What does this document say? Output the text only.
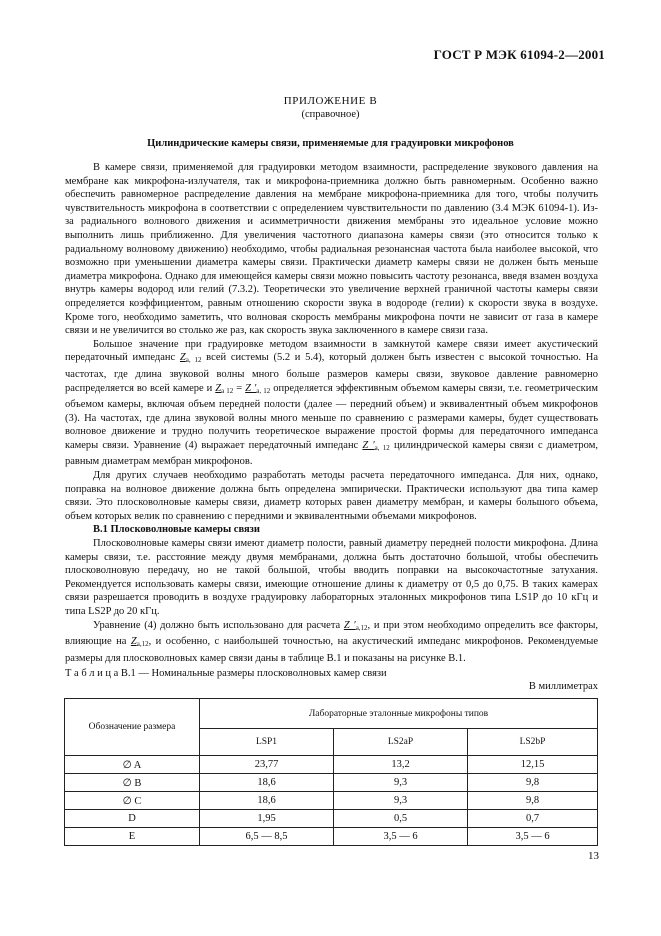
ГОСТ Р МЭК 61094-2—2001
ПРИЛОЖЕНИЕ В
(справочное)
Цилиндрические камеры связи, применяемые для градуировки микрофонов

В камере связи, применяемой для градуировки методом взаимности, распределение звукового давления на мембране как микрофона-излучателя, так и микрофона-приемника должно быть равномерным. Особенно важно обеспечить равномерное распределение давления на мембране микрофона-приемника для того, чтобы получить чувствительность микрофона в соответствии с определением чувствительности по давлению (3.4 МЭК 61094-1). Из-за радиального волнового движения и асимметричности движения мембраны это идеальное условие можно выполнить лишь приближенно. Для увеличения частотного диапазона камеры связи (это относится только к радиальному волновому движению) необходимо, чтобы радиальная резонансная частота была наиболее высокой, что возможно при уменьшении диаметра камеры связи. Практически диаметр камеры связи не должен быть меньше диаметра микрофона. Однако для имеющейся камеры связи можно повысить частоту резонанса, введя взамен воздуха внутрь камеры водород или гелий (7.3.2). Теоретически это увеличение верхней граничной частоты камеры связи определяется коэффициентом, равным отношению скорости звука в водороде (гелии) к скорости звука в воздухе. Кроме того, необходимо заметить, что волновая скорость мембраны микрофона почти не зависит от газа в камере связи и не увеличится во столько же раз, как скорость звука заключенного в камере связи газа.

Большое значение при градуировке методом взаимности в замкнутой камере связи имеет акустический передаточный импеданс $Z_{a, 12}$ всей системы (5.2 и 5.4), который должен быть известен с высокой точностью. На частотах, где длина звуковой волны много больше размеров камеры связи, звуковое давление равномерно распределяется во всей камере и $Z_{a 12} = Z$ $'_{a, 12}$ определяется эффективным объемом камеры связи, т.е. геометрическим объемом камеры, включая объем передней полости (далее — передний объем) и эквивалентный объем микрофонов (3). На частотах, где длина звуковой волны много меньше по сравнению с размерами камеры, будет существовать волновое движение и трудно получить теоретическое выражение простой формы для передаточного импеданса камеры связи. Уравнение (4) выражает передаточный импеданс Z $'_{a, 12}$ цилиндрической камеры связи с диаметром, равным диаметрам мембран микрофонов.

Для других случаев необходимо разработать методы расчета передаточного импеданса. Для них, однако, поправка на волновое движение должна быть определена эмпирически. Практически используют два типа камер связи. Это плосковолновые камеры связи, диаметр которых равен диаметру мембран, и камеры большого объема, объем которых велик по сравнению с передними и эквивалентными объемами микрофонов.

В.1 Плосковолновые камеры связи

Плосковолновые камеры связи имеют диаметр полости, равный диаметру передней полости микрофона. Длина камеры связи, т.е. расстояние между двумя мембранами, должна быть достаточно большой, чтобы обеспечить плосковолновую передачу, но не такой большой, чтобы вводить поправки на высокочастотные затухания. Рекомендуется использовать камеры связи, имеющие отношение длины к диаметру от 0,5 до 0,75. В таких камерах связи разрешается проводить в воздухе градуировку лабораторных эталонных микрофонов типа LS1P до 10 кГц и типа LS2P до 20 кГц.

Уравнение (4) должно быть использовано для расчета Z $'_{a,12}$, и при этом необходимо определить все факторы, влияющие на $Z_{a,12}$, и особенно, с наибольшей точностью, на акустический импеданс микрофонов. Рекомендуемые размеры для плосковолновых камер связи даны в таблице В.1 и показаны на рисунке В.1.

Т а б л и ц а В.1 — Номинальные размеры плосковолновых камер связи
В миллиметрах
Обозначение размера	Лабораторные эталонные микрофоны типов		
	LSP1	LS2aP	LS2bP
∅ A	23,77	13,2	12,15
∅ B	18,6	9,3	9,8
∅ C	18,6	9,3	9,8
D	1,95	0,5	0,7
E	6,5 — 8,5	3,5 — 6	3,5 — 6
13
